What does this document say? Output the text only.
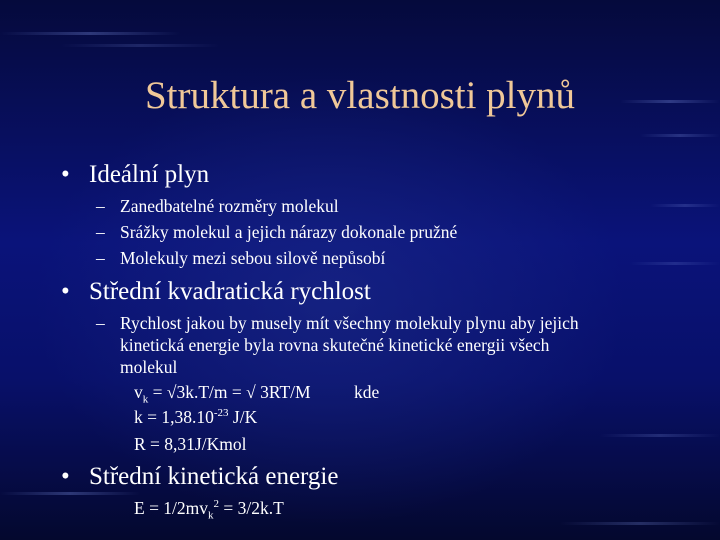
Struktura a vlastnosti plynů
• Ideální plyn
– Zanedbatelné rozměry molekul
– Srážky molekul a jejich nárazy dokonale pružné
– Molekuly mezi sebou silově nepůsobí
• Střední kvadratická rychlost
– Rychlost jakou by musely mít všechny molekuly plynu aby jejich
kinetická energie byla rovna skutečné kinetické energii všech
molekul
$v_k = √3k.T/m$ = √ 3RT/M kde
$k = 1,38.10^{-23}$ J/K
R = 8,31J/Kmol
• Střední kinetická energie
$E = 1/2mv_k^2 = 3/2k.T$
